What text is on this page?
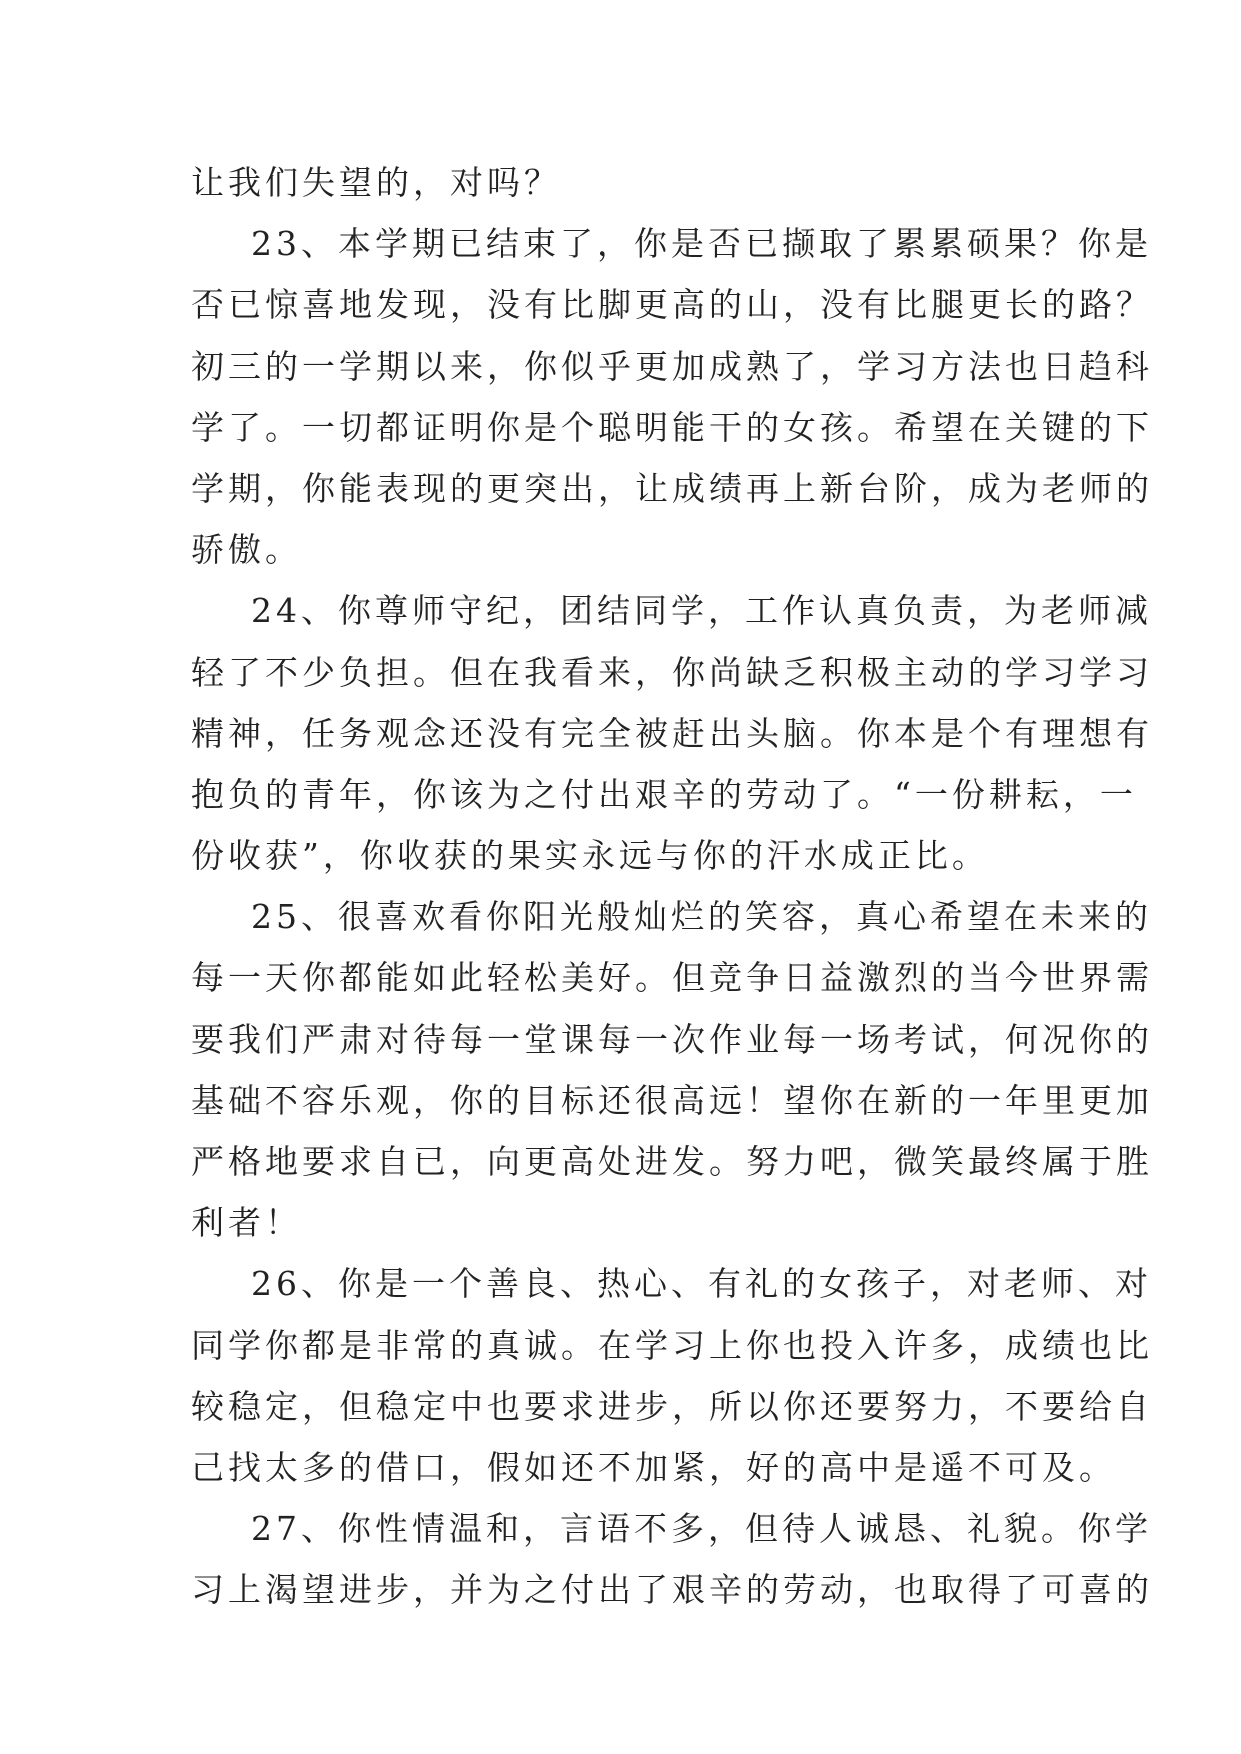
让我们失望的，对吗？
23、本学期已结束了，你是否已撷取了累累硕果？你是
否已惊喜地发现，没有比脚更高的山，没有比腿更长的路？
初三的一学期以来，你似乎更加成熟了，学习方法也日趋科
学了。一切都证明你是个聪明能干的女孩。希望在关键的下
学期，你能表现的更突出，让成绩再上新台阶，成为老师的
骄傲。
24、你尊师守纪，团结同学，工作认真负责，为老师减
轻了不少负担。但在我看来，你尚缺乏积极主动的学习学习
精神，任务观念还没有完全被赶出头脑。你本是个有理想有
抱负的青年，你该为之付出艰辛的劳动了。“一份耕耘，一
份收获”，你收获的果实永远与你的汗水成正比。
25、很喜欢看你阳光般灿烂的笑容，真心希望在未来的
每一天你都能如此轻松美好。但竞争日益激烈的当今世界需
要我们严肃对待每一堂课每一次作业每一场考试，何况你的
基础不容乐观，你的目标还很高远！望你在新的一年里更加
严格地要求自已，向更高处进发。努力吧，微笑最终属于胜
利者！
26、你是一个善良、热心、有礼的女孩子，对老师、对
同学你都是非常的真诚。在学习上你也投入许多，成绩也比
较稳定，但稳定中也要求进步，所以你还要努力，不要给自
己找太多的借口，假如还不加紧，好的高中是遥不可及。
27、你性情温和，言语不多，但待人诚恳、礼貌。你学
习上渴望进步，并为之付出了艰辛的劳动，也取得了可喜的
